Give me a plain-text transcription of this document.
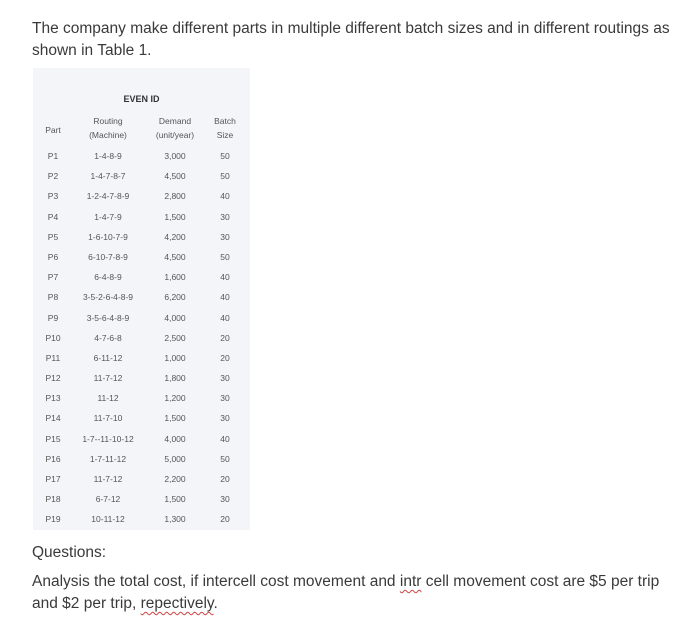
The company make different parts in multiple different batch sizes and in different routings as shown in Table 1.

EVEN ID
Part
Routing
(Machine)
Demand
(unit/year)
Batch
Size
P1	1-4-8-9	3,000	50
P2	1-4-7-8-7	4,500	50
P3	1-2-4-7-8-9	2,800	40
P4	1-4-7-9	1,500	30
P5	1-6-10-7-9	4,200	30
P6	6-10-7-8-9	4,500	50
P7	6-4-8-9	1,600	40
P8	3-5-2-6-4-8-9	6,200	40
P9	3-5-6-4-8-9	4,000	40
P10	4-7-6-8	2,500	20
P11	6-11-12	1,000	20
P12	11-7-12	1,800	30
P13	11-12	1,200	30
P14	11-7-10	1,500	30
P15	1-7--11-10-12	4,000	40
P16	1-7-11-12	5,000	50
P17	11-7-12	2,200	20
P18	6-7-12	1,500	30
P19	10-11-12	1,300	20

Questions:

Analysis the total cost, if intercell cost movement and intr cell movement cost are $5 per trip and $2 per trip, repectively.
